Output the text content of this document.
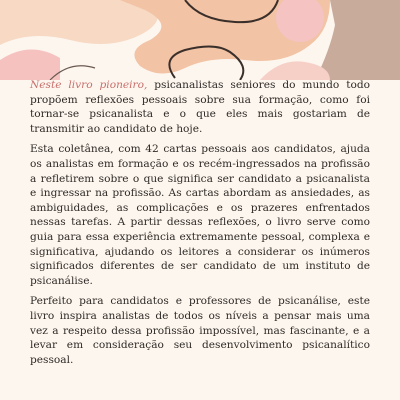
Neste livro pioneiro, psicanalistas seniores do mundo todo propõem reflexões pessoais sobre sua formação, como foi tornar-se psicanalista e o que eles mais gostariam de transmitir ao candidato de hoje.

Esta coletânea, com 42 cartas pessoais aos candidatos, ajuda os analistas em formação e os recém-ingressados na profissão a refletirem sobre o que significa ser candidato a psicanalista e ingressar na profissão. As cartas abordam as ansiedades, as ambiguidades, as complicações e os prazeres enfrentados nessas tarefas. A partir dessas reflexões, o livro serve como guia para essa experiência extremamente pessoal, complexa e significativa, ajudando os leitores a considerar os inúmeros significados diferentes de ser candidato de um instituto de psicanálise.

Perfeito para candidatos e professores de psicanálise, este livro inspira analistas de todos os níveis a pensar mais uma vez a respeito dessa profissão impossível, mas fascinante, e a levar em consideração seu desenvolvimento psicanalítico pessoal.
